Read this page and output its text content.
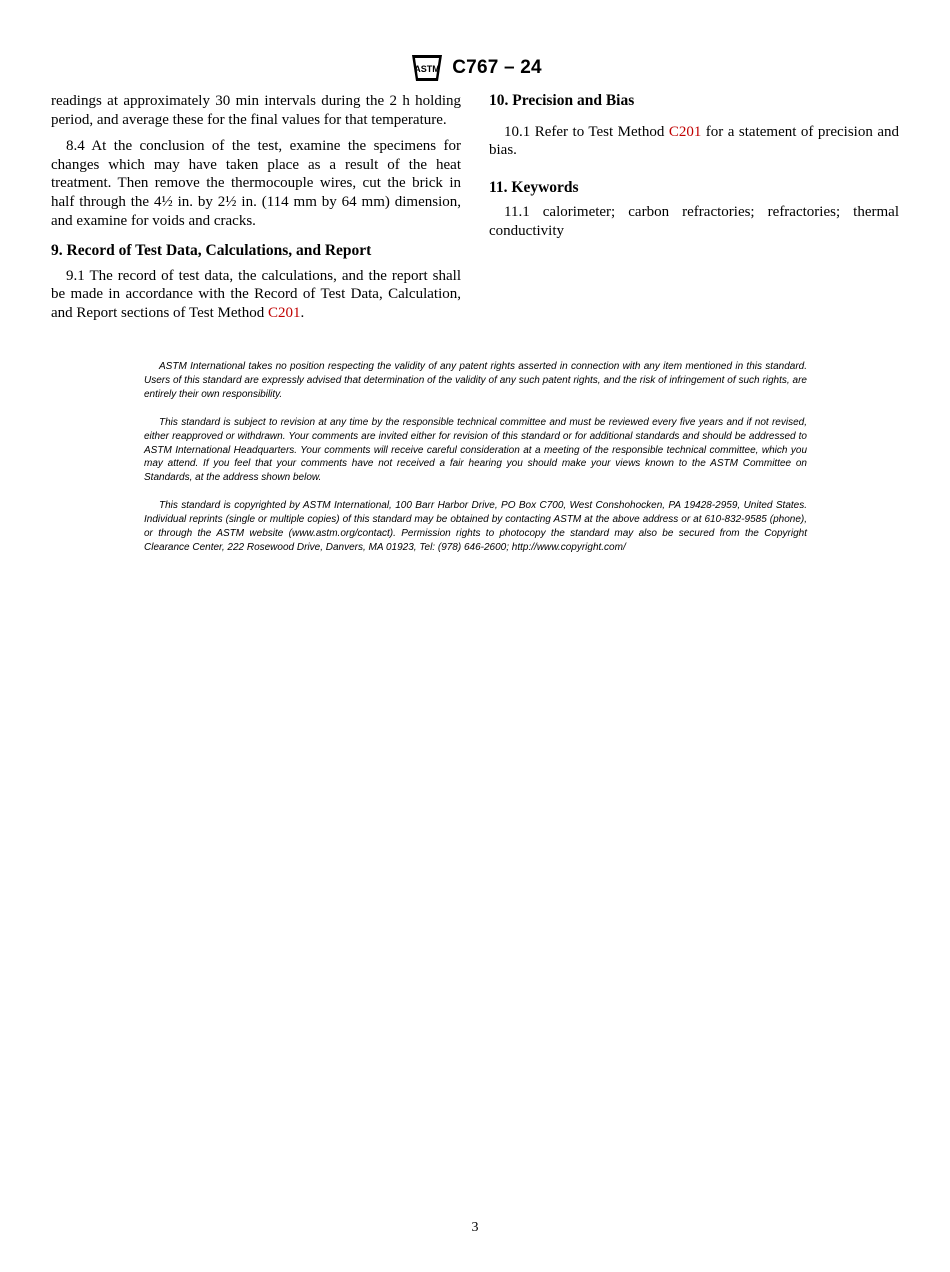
ASTM C767 – 24

readings at approximately 30 min intervals during the 2 h holding period, and average these for the final values for that temperature.

8.4 At the conclusion of the test, examine the specimens for changes which may have taken place as a result of the heat treatment. Then remove the thermocouple wires, cut the brick in half through the 4½ in. by 2½ in. (114 mm by 64 mm) dimension, and examine for voids and cracks.

9. Record of Test Data, Calculations, and Report

9.1 The record of test data, the calculations, and the report shall be made in accordance with the Record of Test Data, Calculation, and Report sections of Test Method C201.

10. Precision and Bias

10.1 Refer to Test Method C201 for a statement of precision and bias.

11. Keywords

11.1 calorimeter; carbon refractories; refractories; thermal conductivity

ASTM International takes no position respecting the validity of any patent rights asserted in connection with any item mentioned in this standard. Users of this standard are expressly advised that determination of the validity of any such patent rights, and the risk of infringement of such rights, are entirely their own responsibility.

This standard is subject to revision at any time by the responsible technical committee and must be reviewed every five years and if not revised, either reapproved or withdrawn. Your comments are invited either for revision of this standard or for additional standards and should be addressed to ASTM International Headquarters. Your comments will receive careful consideration at a meeting of the responsible technical committee, which you may attend. If you feel that your comments have not received a fair hearing you should make your views known to the ASTM Committee on Standards, at the address shown below.

This standard is copyrighted by ASTM International, 100 Barr Harbor Drive, PO Box C700, West Conshohocken, PA 19428-2959, United States. Individual reprints (single or multiple copies) of this standard may be obtained by contacting ASTM at the above address or at 610-832-9585 (phone), or through the ASTM website (www.astm.org/contact). Permission rights to photocopy the standard may also be secured from the Copyright Clearance Center, 222 Rosewood Drive, Danvers, MA 01923, Tel: (978) 646-2600; http://www.copyright.com/

3
